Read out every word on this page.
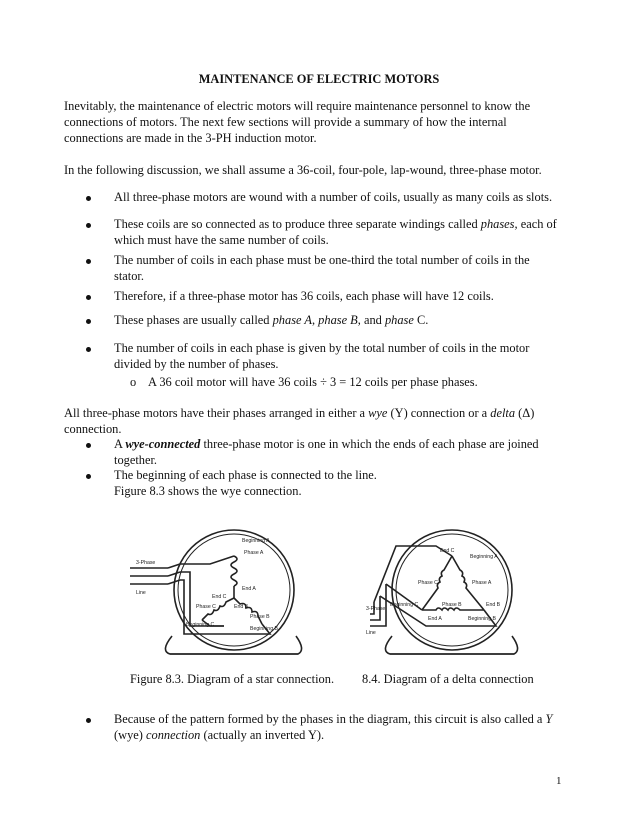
MAINTENANCE OF ELECTRIC MOTORS
Inevitably, the maintenance of electric motors will require maintenance personnel to know the
connections of motors. The next few sections will provide a summary of how the internal
connections are made in the 3-PH induction motor.
In the following discussion, we shall assume a 36-coil, four-pole, lap-wound, three-phase motor.
All three-phase motors are wound with a number of coils, usually as many coils as slots.
These coils are so connected as to produce three separate windings called phases, each of
which must have the same number of coils.
The number of coils in each phase must be one-third the total number of coils in the
stator.
Therefore, if a three-phase motor has 36 coils, each phase will have 12 coils.
These phases are usually called phase A, phase B, and phase C.
The number of coils in each phase is given by the total number of coils in the motor
divided by the number of phases.
o A 36 coil motor will have 36 coils ÷ 3 = 12 coils per phase phases.
All three-phase motors have their phases arranged in either a wye (Y) connection or a delta (Δ)
connection.
A wye-connected three-phase motor is one in which the ends of each phase are joined
together.
The beginning of each phase is connected to the line.
Figure 8.3 shows the wye connection.
Beginning A
Phase A
End A
End C
End B
Phase C
Phase B
Beginning C
Beginning B
3-Phase
Line
End C
Beginning A
Phase C	Phase A
3-Phase
Beginning C	Phase B	End B
Line
End A	Beginning B
Figure 8.3. Diagram of a star connection. 8.4. Diagram of a delta connection
Because of the pattern formed by the phases in the diagram, this circuit is also called a Y
(wye) connection (actually an inverted Y).
1
